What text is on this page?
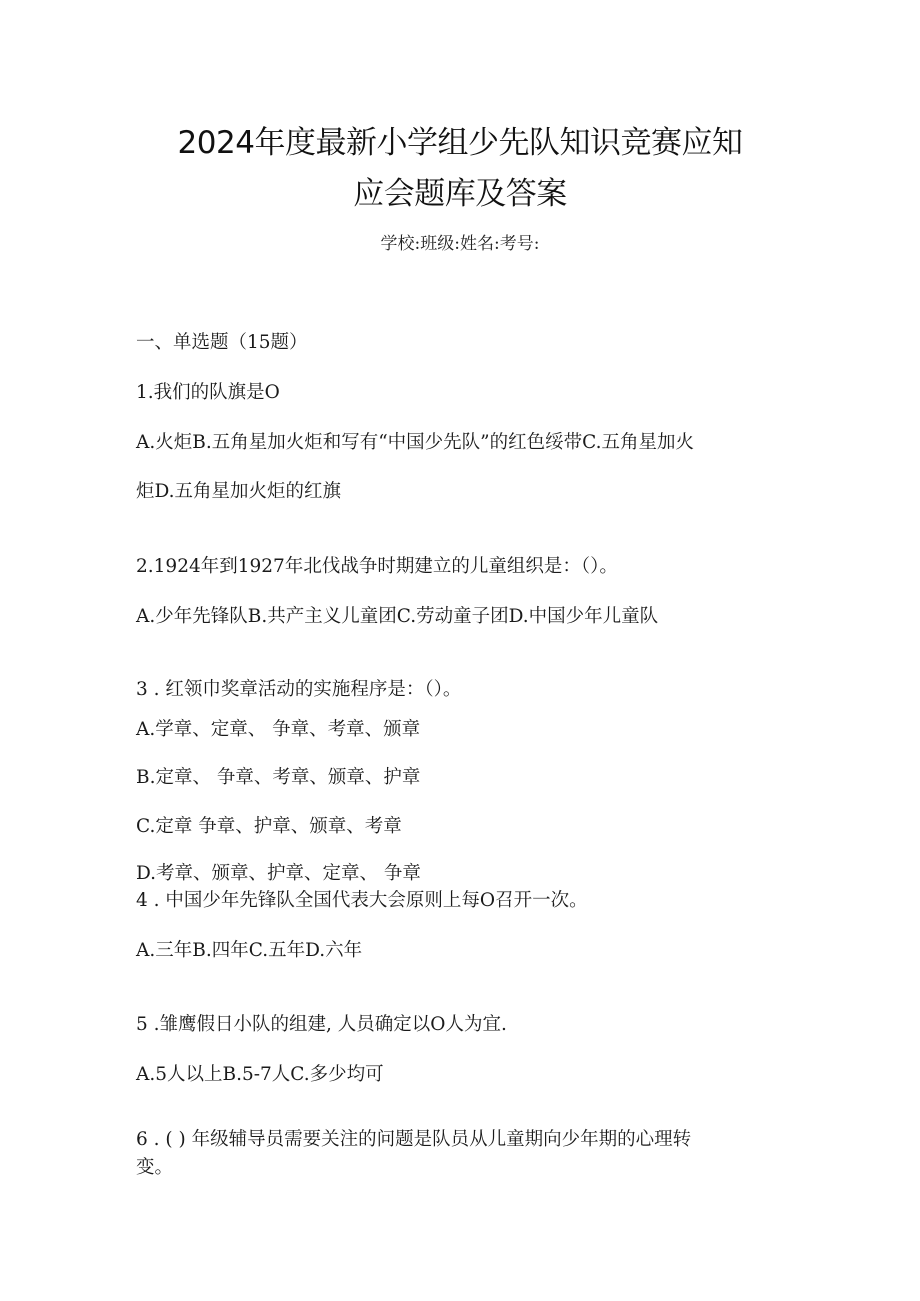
2024年度最新小学组少先队知识竞赛应知
应会题库及答案
学校:班级:姓名:考号:
一、单选题（15题）
1.我们的队旗是O
A.火炬B.五角星加火炬和写有“中国少先队”的红色绥带C.五角星加火
炬D.五角星加火炬的红旗
2.1924年到1927年北伐战争时期建立的儿童组织是：（）。
A.少年先锋队B.共产主义儿童团C.劳动童子团D.中国少年儿童队
3 . 红领巾奖章活动的实施程序是：（）。
A.学章、定章、 争章、考章、颁章
B.定章、 争章、考章、颁章、护章
C.定章 争章、护章、颁章、考章
D.考章、颁章、护章、定章、 争章
4 . 中国少年先锋队全国代表大会原则上每O召开一次。
A.三年B.四年C.五年D.六年
5 .雏鹰假日小队的组建, 人员确定以O人为宜.
A.5人以上B.5-7人C.多少均可
6 . ( ) 年级辅导员需要关注的问题是队员从儿童期向少年期的心理转
变。
